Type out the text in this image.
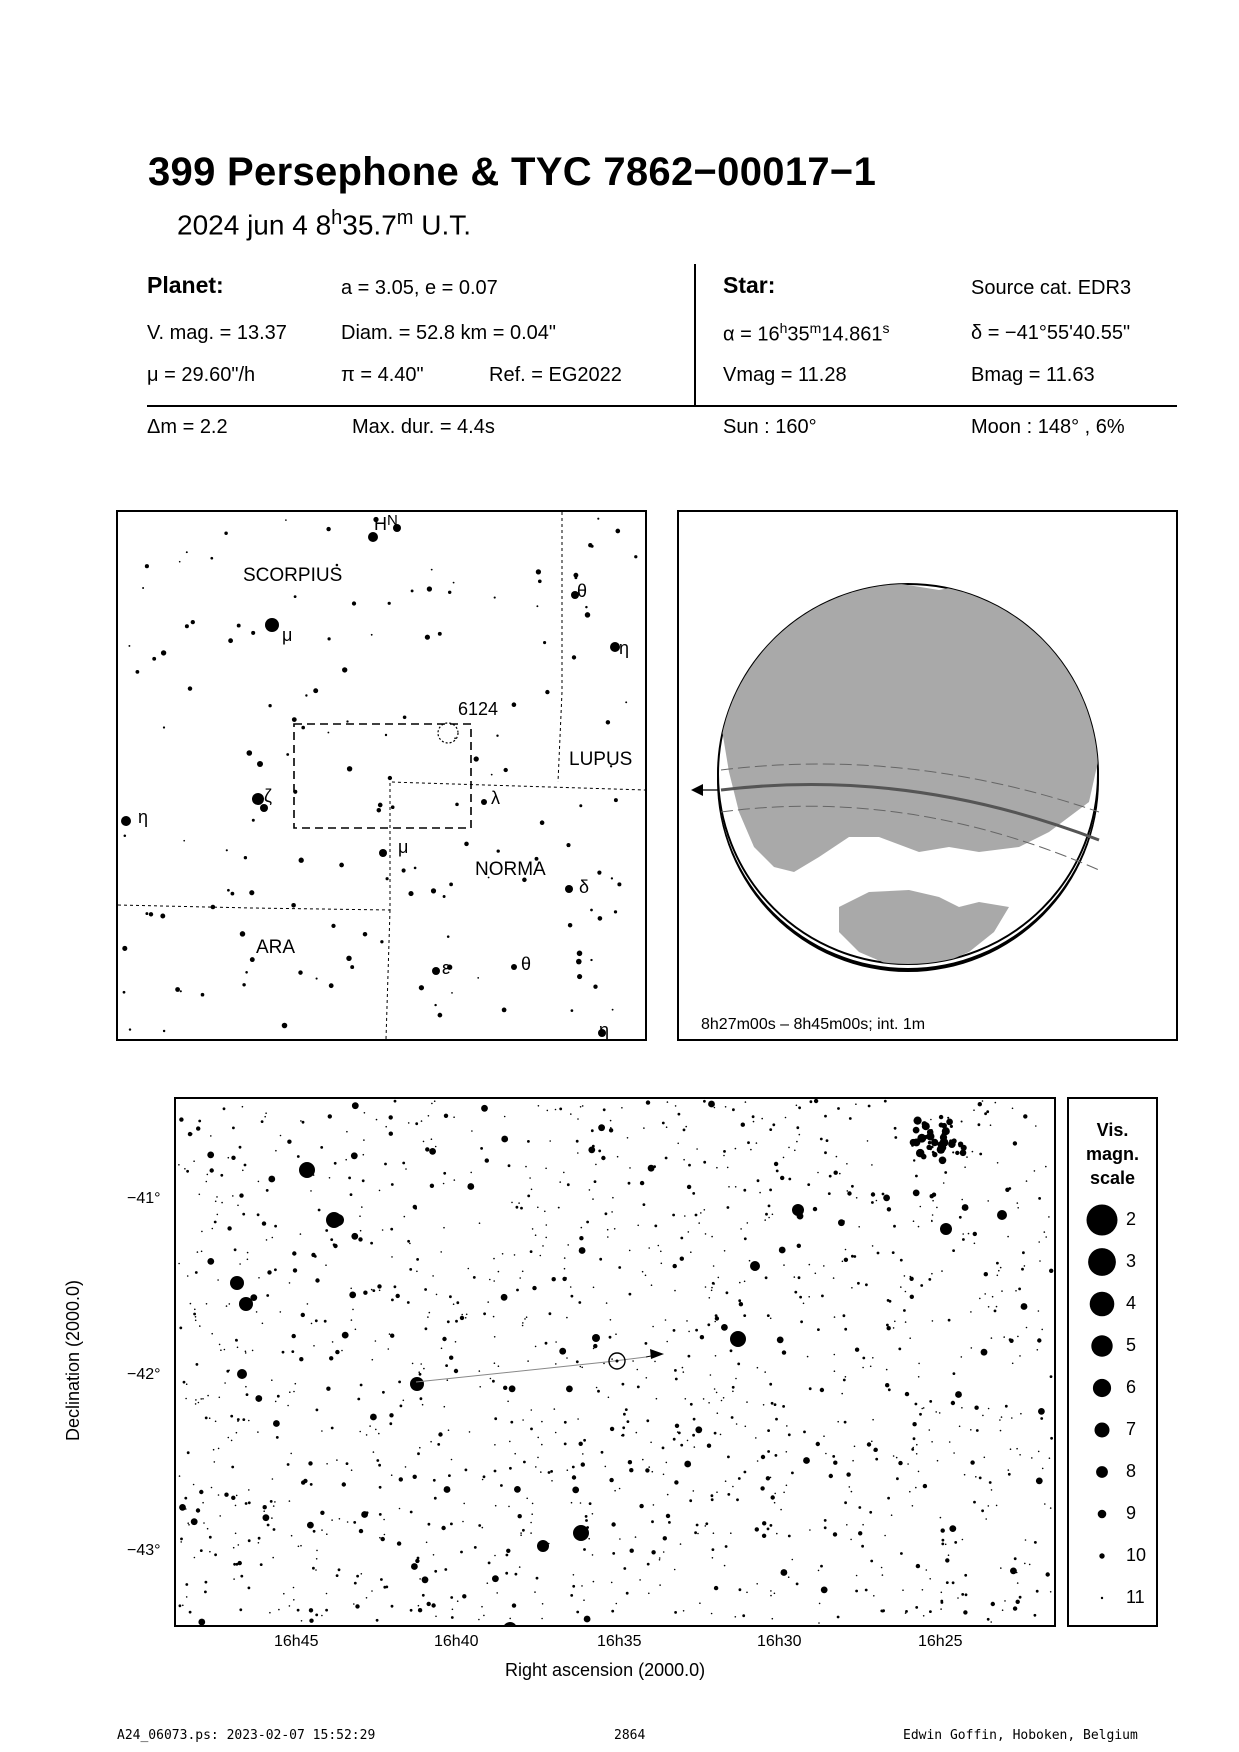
399 Persephone & TYC 7862−00017−1
2024 jun 4 8$^h$35.7$^m$ U.T.
Planet:	a = 3.05, e = 0.07
V. mag. = 13.37	Diam. = 52.8 km = 0.04"
μ = 29.60"/h	π = 4.40"	Ref. = EG2022
Star:	Source cat. EDR3
$\alpha = 16^h35^m14.861^s$	δ = −41°55'40.55"
Vmag = 11.28	Bmag = 11.63
Δm = 2.2	Max. dur. = 4.4s	Sun : 160°	Moon : 148° , 6%
SCORPIUS
LUPUS
NORMA
ARA
H N
μ
θ
η
6124
ζ	λ
η
μ
δ
ε	θ
η	8h27m00s – 8h45m00s; int. 1m
−41°
−42°
−43°
16h45	16h40	16h35	16h30	16h25
Right ascension (2000.0)
Declination (2000.0)
Vis.
magn.
scale
2
3
4
5
6
7
8
9
10
11
A24_06073.ps: 2023-02-07 15:52:29	2864	Edwin Goffin, Hoboken, Belgium
